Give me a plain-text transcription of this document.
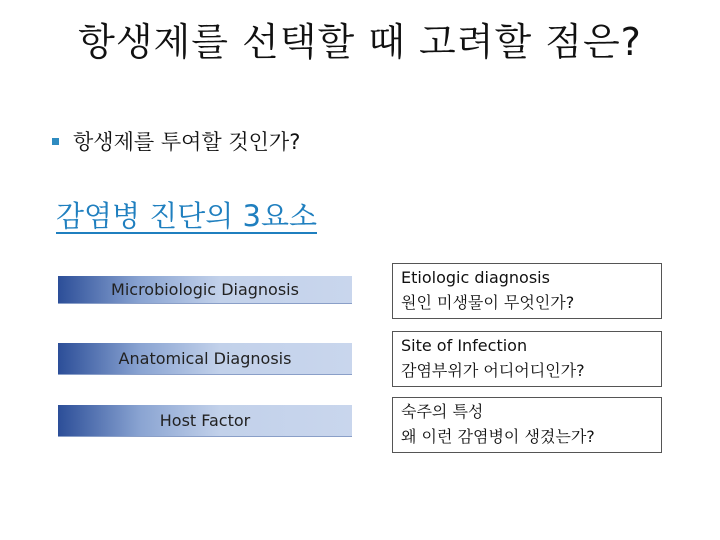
항생제를 선택할 때 고려할 점은?
항생제를 투여할 것인가?
감염병 진단의 3요소
Microbiologic Diagnosis
Etiologic diagnosis
원인 미생물이 무엇인가?
Anatomical Diagnosis
Site of Infection
감염부위가 어디어디인가?
Host Factor	숙주의 특성
왜 이런 감염병이 생겼는가?
